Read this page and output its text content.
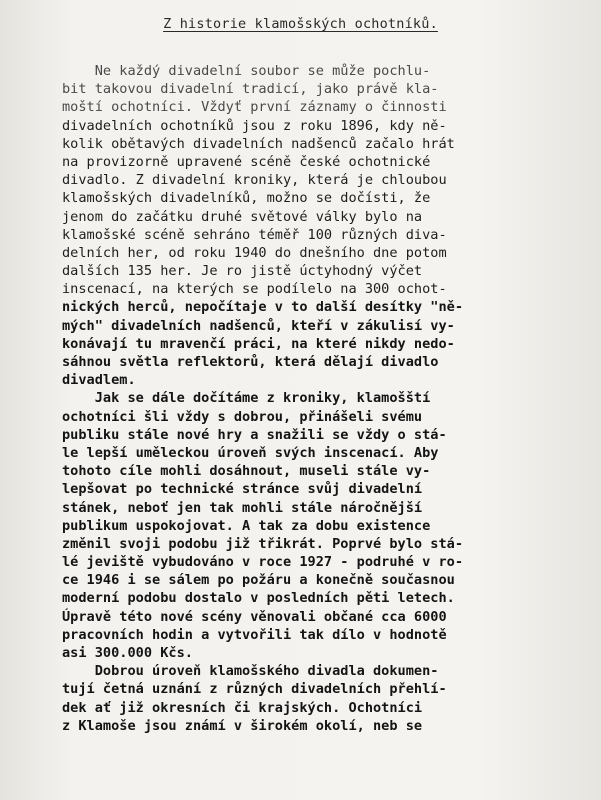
Z historie klamošských ochotníků.
Ne každý divadelní soubor se může pochlu-
bit takovou divadelní tradicí, jako právě kla-
moští ochotníci. Vždyť první záznamy o činnosti
divadelních ochotníků jsou z roku 1896, kdy ně-
kolik obětavých divadelních nadšenců začalo hrát
na provizorně upravené scéně české ochotnické
divadlo. Z divadelní kroniky, která je chloubou
klamošských divadelníků, možno se dočísti, že
jenom do začátku druhé světové války bylo na
klamošské scéně sehráno téměř 100 různých diva-
delních her, od roku 1940 do dnešního dne potom
dalších 135 her. Je ro jistě úctyhodný výčet
inscenací, na kterých se podílelo na 300 ochot-
nických herců, nepočítaje v to další desítky "ně-
mých" divadelních nadšenců, kteří v zákulisí vy-
konávají tu mravenčí práci, na které nikdy nedo-
sáhnou světla reflektorů, která dělají divadlo
divadlem.
Jak se dále dočítáme z kroniky, klamošští
ochotníci šli vždy s dobrou, přinášeli svému
publiku stále nové hry a snažili se vždy o stá-
le lepší uměleckou úroveň svých inscenací. Aby
tohoto cíle mohli dosáhnout, museli stále vy-
lepšovat po technické stránce svůj divadelní
stánek, neboť jen tak mohli stále náročnější
publikum uspokojovat. A tak za dobu existence
změnil svoji podobu již třikrát. Poprvé bylo stá-
lé jeviště vybudováno v roce 1927 - podruhé v ro-
ce 1946 i se sálem po požáru a konečně současnou
moderní podobu dostalo v posledních pěti letech.
Úpravě této nové scény věnovali občané cca 6000
pracovních hodin a vytvořili tak dílo v hodnotě
asi 300.000 Kčs.
Dobrou úroveň klamošského divadla dokumen-
tují četná uznání z různých divadelních přehlí-
dek ať již okresních či krajských. Ochotníci
z Klamoše jsou známí v širokém okolí, neb se
